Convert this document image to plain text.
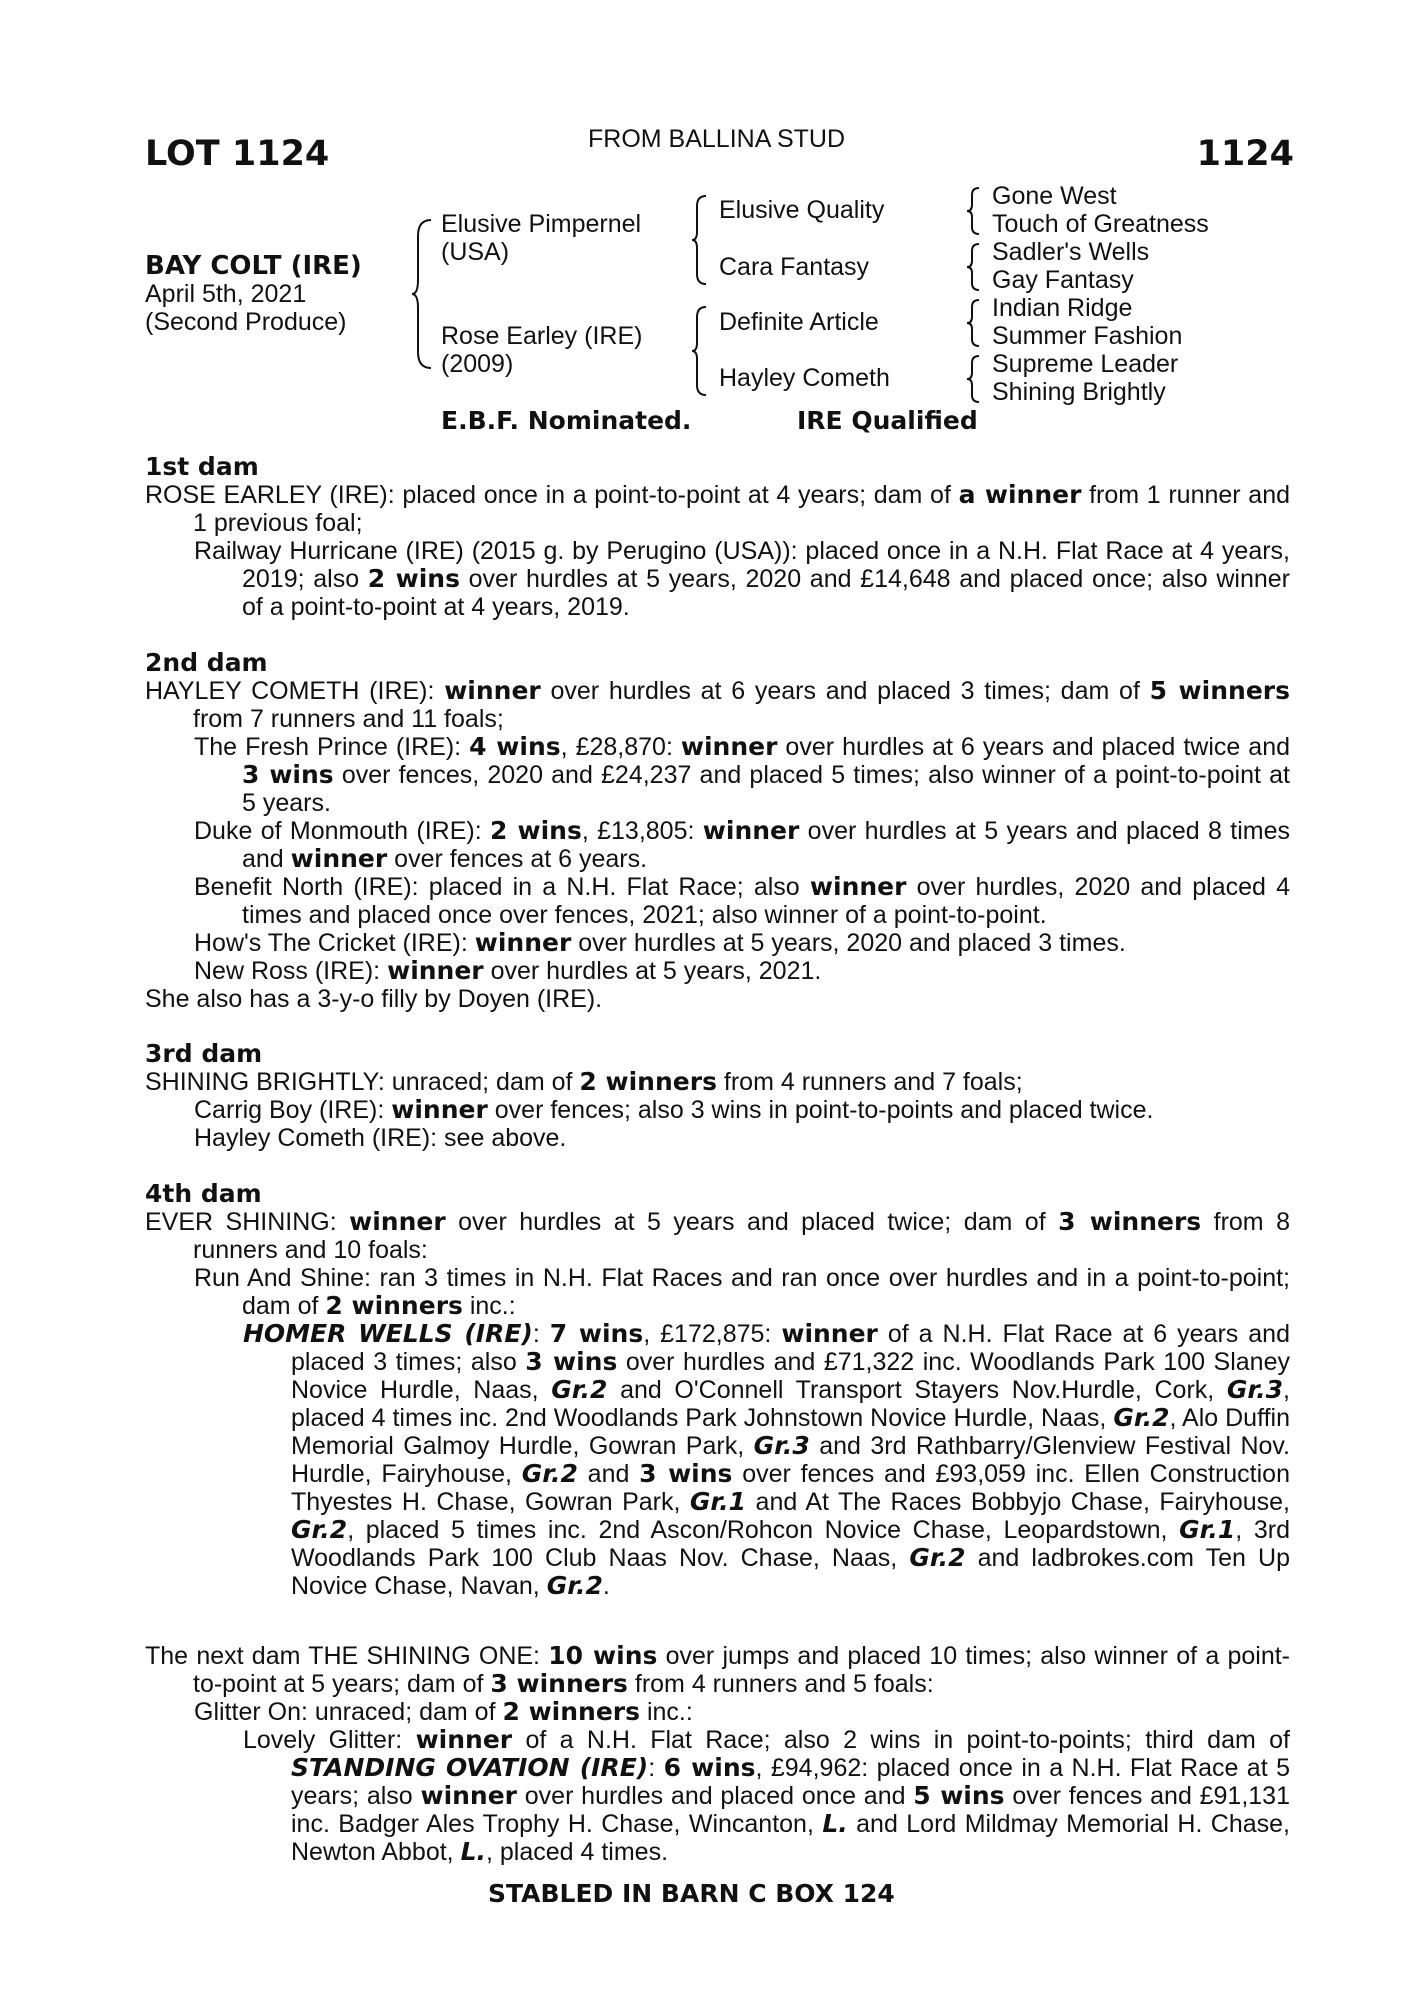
LOT 1124	FROM BALLINA STUD	1124
BAY COLT (IRE)
April 5th, 2021
(Second Produce)
Elusive Pimpernel
(USA)
Rose Earley (IRE)
(2009)
Elusive Quality
Cara Fantasy
Definite Article
Hayley Cometh
Gone West
Touch of Greatness
Sadler's Wells
Gay Fantasy
Indian Ridge
Summer Fashion
Supreme Leader
Shining Brightly
E.B.F. Nominated.	IRE Qualified
1st dam
ROSE EARLEY (IRE): placed once in a point-to-point at 4 years; dam of a winner from 1 runner and 1 previous foal;
Railway Hurricane (IRE) (2015 g. by Perugino (USA)): placed once in a N.H. Flat Race at 4 years, 2019; also 2 wins over hurdles at 5 years, 2020 and £14,648 and placed once; also winner of a point-to-point at 4 years, 2019.
2nd dam
HAYLEY COMETH (IRE): winner over hurdles at 6 years and placed 3 times; dam of 5 winners from 7 runners and 11 foals;
The Fresh Prince (IRE): 4 wins, £28,870: winner over hurdles at 6 years and placed twice and 3 wins over fences, 2020 and £24,237 and placed 5 times; also winner of a point-to-point at 5 years.
Duke of Monmouth (IRE): 2 wins, £13,805: winner over hurdles at 5 years and placed 8 times and winner over fences at 6 years.
Benefit North (IRE): placed in a N.H. Flat Race; also winner over hurdles, 2020 and placed 4 times and placed once over fences, 2021; also winner of a point-to-point.
How's The Cricket (IRE): winner over hurdles at 5 years, 2020 and placed 3 times.
New Ross (IRE): winner over hurdles at 5 years, 2021.
She also has a 3-y-o filly by Doyen (IRE).
3rd dam
SHINING BRIGHTLY: unraced; dam of 2 winners from 4 runners and 7 foals;
Carrig Boy (IRE): winner over fences; also 3 wins in point-to-points and placed twice.
Hayley Cometh (IRE): see above.
4th dam
EVER SHINING: winner over hurdles at 5 years and placed twice; dam of 3 winners from 8 runners and 10 foals:
Run And Shine: ran 3 times in N.H. Flat Races and ran once over hurdles and in a point-to-point; dam of 2 winners inc.:
HOMER WELLS (IRE): 7 wins, £172,875: winner of a N.H. Flat Race at 6 years and placed 3 times; also 3 wins over hurdles and £71,322 inc. Woodlands Park 100 Slaney Novice Hurdle, Naas, Gr.2 and O'Connell Transport Stayers Nov.Hurdle, Cork, Gr.3, placed 4 times inc. 2nd Woodlands Park Johnstown Novice Hurdle, Naas, Gr.2, Alo Duffin Memorial Galmoy Hurdle, Gowran Park, Gr.3 and 3rd Rathbarry/Glenview Festival Nov. Hurdle, Fairyhouse, Gr.2 and 3 wins over fences and £93,059 inc. Ellen Construction Thyestes H. Chase, Gowran Park, Gr.1 and At The Races Bobbyjo Chase, Fairyhouse, Gr.2, placed 5 times inc. 2nd Ascon/Rohcon Novice Chase, Leopardstown, Gr.1, 3rd Woodlands Park 100 Club Naas Nov. Chase, Naas, Gr.2 and ladbrokes.com Ten Up Novice Chase, Navan, Gr.2.
The next dam THE SHINING ONE: 10 wins over jumps and placed 10 times; also winner of a point-to-point at 5 years; dam of 3 winners from 4 runners and 5 foals:
Glitter On: unraced; dam of 2 winners inc.:
Lovely Glitter: winner of a N.H. Flat Race; also 2 wins in point-to-points; third dam of STANDING OVATION (IRE): 6 wins, £94,962: placed once in a N.H. Flat Race at 5 years; also winner over hurdles and placed once and 5 wins over fences and £91,131 inc. Badger Ales Trophy H. Chase, Wincanton, L. and Lord Mildmay Memorial H. Chase, Newton Abbot, L., placed 4 times.
STABLED IN BARN C BOX 124
